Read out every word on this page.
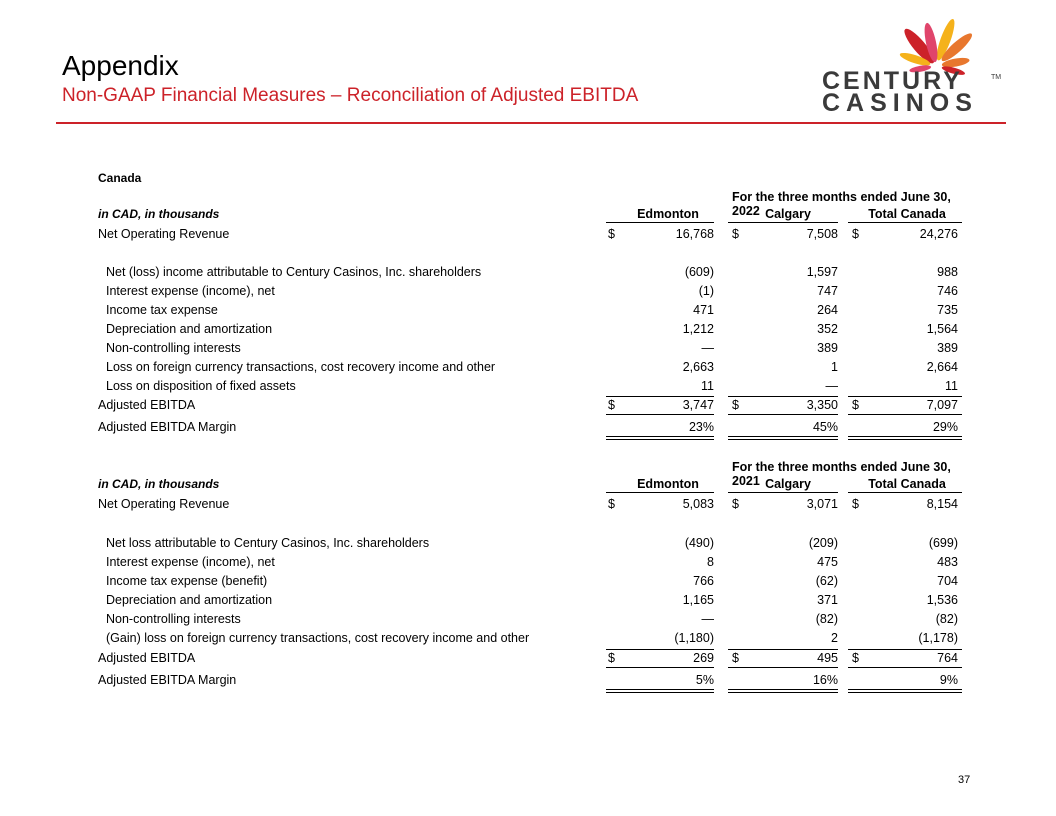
Appendix
Non-GAAP Financial Measures – Reconciliation of Adjusted EBITDA
CENTURY
CASINOS
TM
Canada
For the three months ended June 30, 2022
in CAD, in thousands	Edmonton	Calgary	Total Canada
Net Operating Revenue	$	16,768 $	7,508 $	24,276
Net (loss) income attributable to Century Casinos, Inc. shareholders	(609)	1,597	988
Interest expense (income), net	(1)	747	746
Income tax expense	471	264	735
Depreciation and amortization	1,212	352	1,564
Non-controlling interests	—	389	389
Loss on foreign currency transactions, cost recovery income and other	2,663	1	2,664
Loss on disposition of fixed assets	11	—	11
Adjusted EBITDA	$	3,747 $	3,350 $	7,097
Adjusted EBITDA Margin	23%	45%	29%
For the three months ended June 30, 2021
in CAD, in thousands	Edmonton	Calgary	Total Canada
Net Operating Revenue	$	5,083 $	3,071 $	8,154
Net loss attributable to Century Casinos, Inc. shareholders	(490)	(209)	(699)
Interest expense (income), net	8	475	483
Income tax expense (benefit)	766	(62)	704
Depreciation and amortization	1,165	371	1,536
Non-controlling interests	—	(82)	(82)
(Gain) loss on foreign currency transactions, cost recovery income and other	(1,180)	2	(1,178)
Adjusted EBITDA	$	269 $	495 $	764
Adjusted EBITDA Margin	5%	16%	9%
37
